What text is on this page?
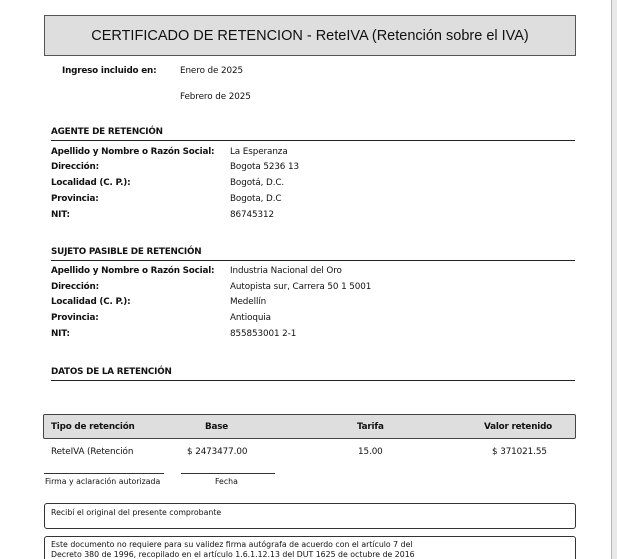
CERTIFICADO DE RETENCION - ReteIVA (Retención sobre el IVA)
Ingreso incluido en:	Enero de 2025
Febrero de 2025
AGENTE DE RETENCIÓN
Apellido y Nombre o Razón Social: La Esperanza
Dirección:	Bogota 5236 13
Localidad (C. P.):	Bogotá, D.C.
Provincia:	Bogota, D.C
NIT:	86745312
SUJETO PASIBLE DE RETENCIÓN
Apellido y Nombre o Razón Social: Industria Nacional del Oro
Dirección:	Autopista sur, Carrera 50 1 5001
Localidad (C. P.):	Medellín
Provincia:	Antioquia
NIT:	855853001 2-1
DATOS DE LA RETENCIÓN
Tipo de retención	Base	Tarifa	Valor retenido
ReteIVA (Retención	$ 2473477.00	15.00	$ 371021.55
Firma y aclaración autorizada	Fecha
Recibí el original del presente comprobante
Este documento no requiere para su validez firma autógrafa de acuerdo con el artículo 7 del
Decreto 380 de 1996, recopilado en el artículo 1.6.1.12.13 del DUT 1625 de octubre de 2016
